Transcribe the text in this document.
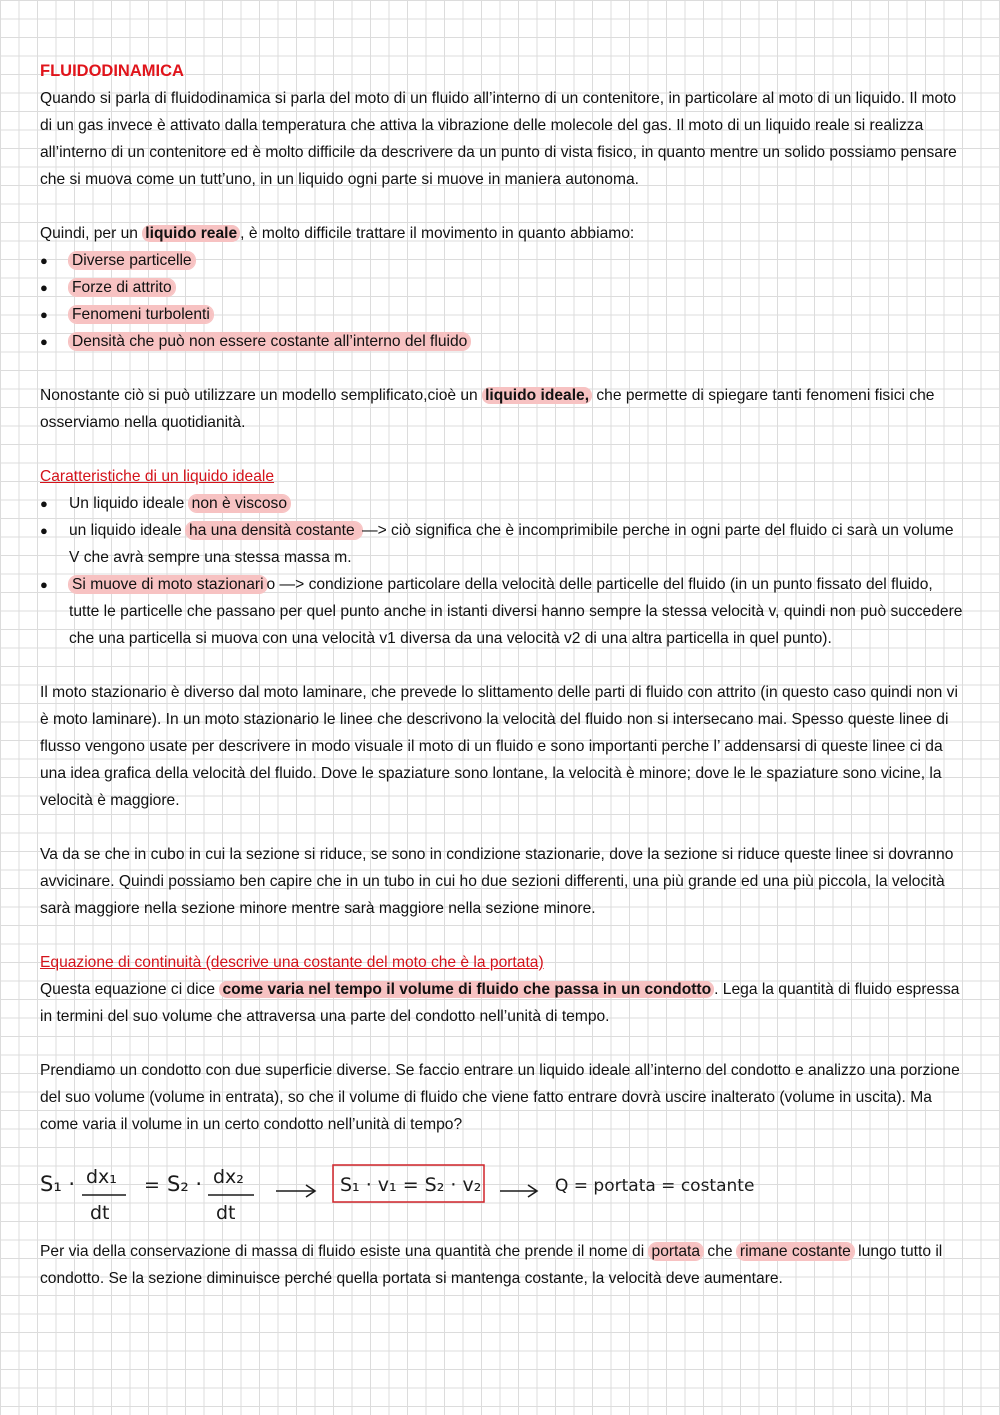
FLUIDODINAMICA

Quando si parla di fluidodinamica si parla del moto di un fluido all’interno di un contenitore, in particolare al moto di un liquido. Il moto di un gas invece è attivato dalla temperatura che attiva la vibrazione delle molecole del gas. Il moto di un liquido reale si realizza all’interno di un contenitore ed è molto difficile da descrivere da un punto di vista fisico, in quanto mentre un solido possiamo pensare che si muova come un tutt’uno, in un liquido ogni parte si muove in maniera autonoma.

Quindi, per un liquido reale , è molto difficile trattare il movimento in quanto abbiamo:

● Diverse particelle
● Forze di attrito
● Fenomeni turbolenti
● Densità che può non essere costante all’interno del fluido

Nonostante ciò si può utilizzare un modello semplificato,cioè un liquido ideale, che permette di spiegare tanti fenomeni fisici che osserviamo nella quotidianità.

Caratteristiche di un liquido ideale

● Un liquido ideale non è viscoso
● un liquido ideale ha una densità costante —> ciò significa che è incomprimibile perche in ogni parte del fluido ci sarà un volume V che avrà sempre una stessa massa m.
● Si muove di moto stazionari o —> condizione particolare della velocità delle particelle del fluido (in un punto fissato del fluido, tutte le particelle che passano per quel punto anche in istanti diversi hanno sempre la stessa velocità v, quindi non può succedere che una particella si muova con una velocità v1 diversa da una velocità v2 di una altra particella in quel punto).

Il moto stazionario è diverso dal moto laminare, che prevede lo slittamento delle parti di fluido con attrito (in questo caso quindi non vi è moto laminare). In un moto stazionario le linee che descrivono la velocità del fluido non si intersecano mai. Spesso queste linee di flusso vengono usate per descrivere in modo visuale il moto di un fluido e sono importanti perche l’ addensarsi di queste linee ci da una idea grafica della velocità del fluido. Dove le spaziature sono lontane, la velocità è minore; dove le le spaziature sono vicine, la velocità è maggiore.

Va da se che in cubo in cui la sezione si riduce, se sono in condizione stazionarie, dove la sezione si riduce queste linee si dovranno avvicinare. Quindi possiamo ben capire che in un tubo in cui ho due sezioni differenti, una più grande ed una più piccola, la velocità sarà maggiore nella sezione minore mentre sarà maggiore nella sezione minore.

Equazione di continuità (descrive una costante del moto che è la portata)

Questa equazione ci dice come varia nel tempo il volume di fluido che passa in un condotto . Lega la quantità di fluido espressa in termini del suo volume che attraversa una parte del condotto nell’unità di tempo.

Prendiamo un condotto con due superficie diverse. Se faccio entrare un liquido ideale all’interno del condotto e analizzo una porzione del suo volume (volume in entrata), so che il volume di fluido che viene fatto entrare dovrà uscire inalterato (volume in uscita). Ma come varia il volume in un certo condotto nell’unità di tempo?

S₁ · dx₁
dt
= S₂ · dx₂
dt
S₁ · v₁ = S₂ · v₂	Q = portata = costante

Per via della conservazione di massa di fluido esiste una quantità che prende il nome di portata che rimane costante lungo tutto il condotto. Se la sezione diminuisce perché quella portata si mantenga costante, la velocità deve aumentare.
